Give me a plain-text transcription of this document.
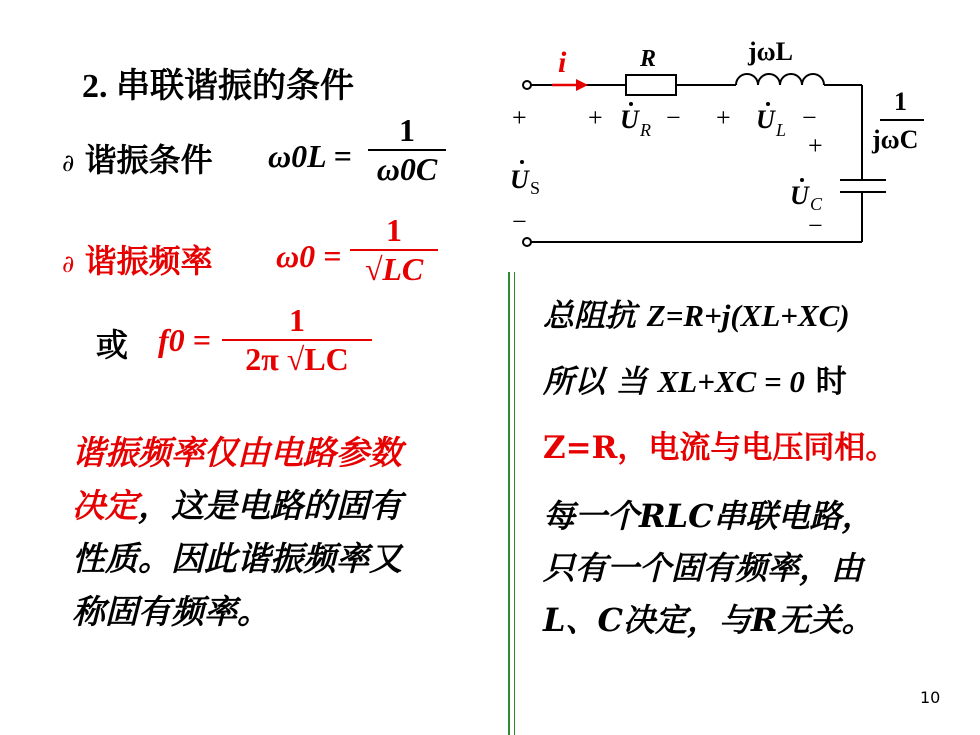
2. 串联谐振的条件
∂ 谐振条件 $\omega 0L = \frac{1}{\omega 0C}$
∂ 谐振频率 $\omega 0 = \frac{1}{√LC}$
或 $f0 = \frac{1}{2\pi √LC}$
谐振频率仅由电路参数
决定，这是电路的固有
性质。因此谐振频率又
称固有频率。
总阻抗 Z=R+j(XL+XC)
所以 当 XL+XC = 0 时
Z=R，电流与电压同相。
每一个RLC串联电路，
只有一个固有频率，由
L、C决定，与R无关。
i	R	jωL
1
jωC
+
U S
−
+ U R − + U L −
+
U C
−
10
